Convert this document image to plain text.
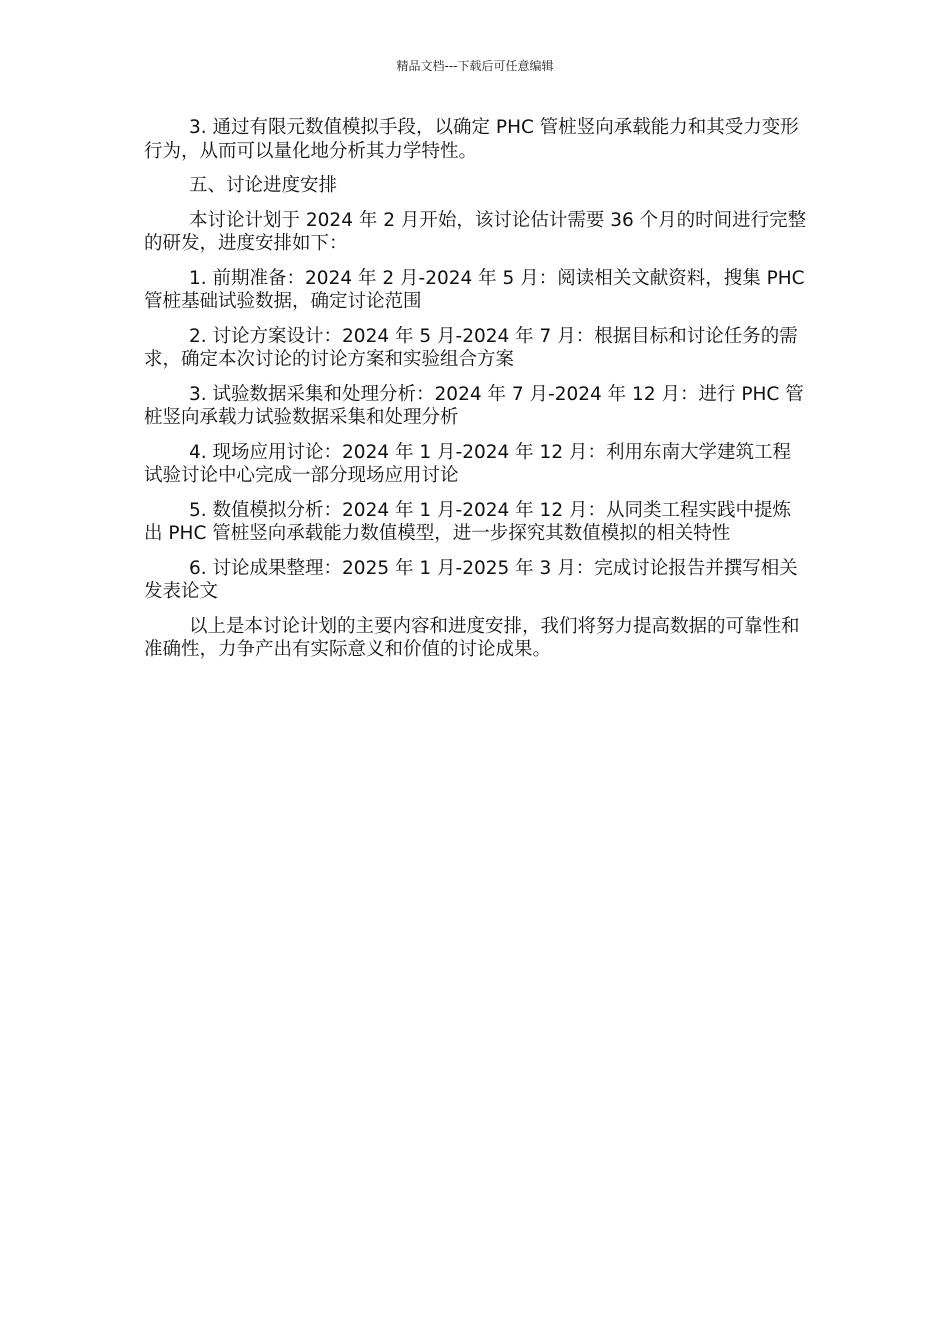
精品文档---下载后可任意编辑

3. 通过有限元数值模拟手段，以确定 PHC 管桩竖向承载能力和其受力变形行为，从而可以量化地分析其力学特性。

五、讨论进度安排

本讨论计划于 2024 年 2 月开始，该讨论估计需要 36 个月的时间进行完整的研发，进度安排如下：

1. 前期准备：2024 年 2 月-2024 年 5 月：阅读相关文献资料，搜集 PHC 管桩基础试验数据，确定讨论范围

2. 讨论方案设计：2024 年 5 月-2024 年 7 月：根据目标和讨论任务的需求，确定本次讨论的讨论方案和实验组合方案

3. 试验数据采集和处理分析：2024 年 7 月-2024 年 12 月：进行 PHC 管桩竖向承载力试验数据采集和处理分析

4. 现场应用讨论：2024 年 1 月-2024 年 12 月：利用东南大学建筑工程试验讨论中心完成一部分现场应用讨论

5. 数值模拟分析：2024 年 1 月-2024 年 12 月：从同类工程实践中提炼出 PHC 管桩竖向承载能力数值模型，进一步探究其数值模拟的相关特性

6. 讨论成果整理：2025 年 1 月-2025 年 3 月：完成讨论报告并撰写相关发表论文

以上是本讨论计划的主要内容和进度安排，我们将努力提高数据的可靠性和准确性，力争产出有实际意义和价值的讨论成果。
